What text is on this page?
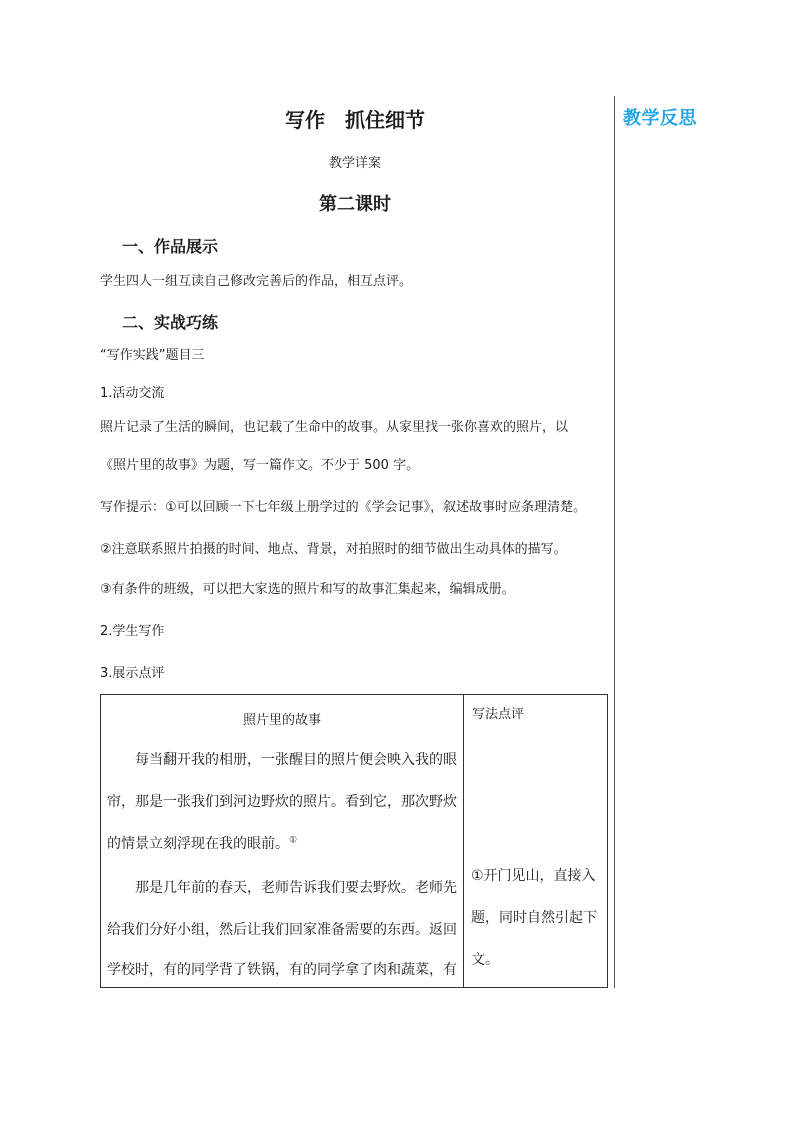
教学反思
写作　抓住细节
教学详案
第二课时
一、作品展示
学生四人一组互读自己修改完善后的作品，相互点评。
二、实战巧练
“写作实践”题目三
1.活动交流
照片记录了生活的瞬间，也记载了生命中的故事。从家里找一张你喜欢的照片，以
《照片里的故事》为题，写一篇作文。不少于 500 字。
写作提示：①可以回顾一下七年级上册学过的《学会记事》，叙述故事时应条理清楚。
②注意联系照片拍摄的时间、地点、背景，对拍照时的细节做出生动具体的描写。
③有条件的班级，可以把大家选的照片和写的故事汇集起来，编辑成册。
2.学生写作
3.展示点评
照片里的故事
　　每当翻开我的相册，一张醒目的照片便会映入我的眼
帘，那是一张我们到河边野炊的照片。看到它，那次野炊
的情景立刻浮现在我的眼前。①
　　那是几年前的春天，老师告诉我们要去野炊。老师先
给我们分好小组，然后让我们回家准备需要的东西。返回
学校时，有的同学背了铁锅，有的同学拿了肉和蔬菜，有
写法点评
①开门见山，直接入
题，同时自然引起下
文。
